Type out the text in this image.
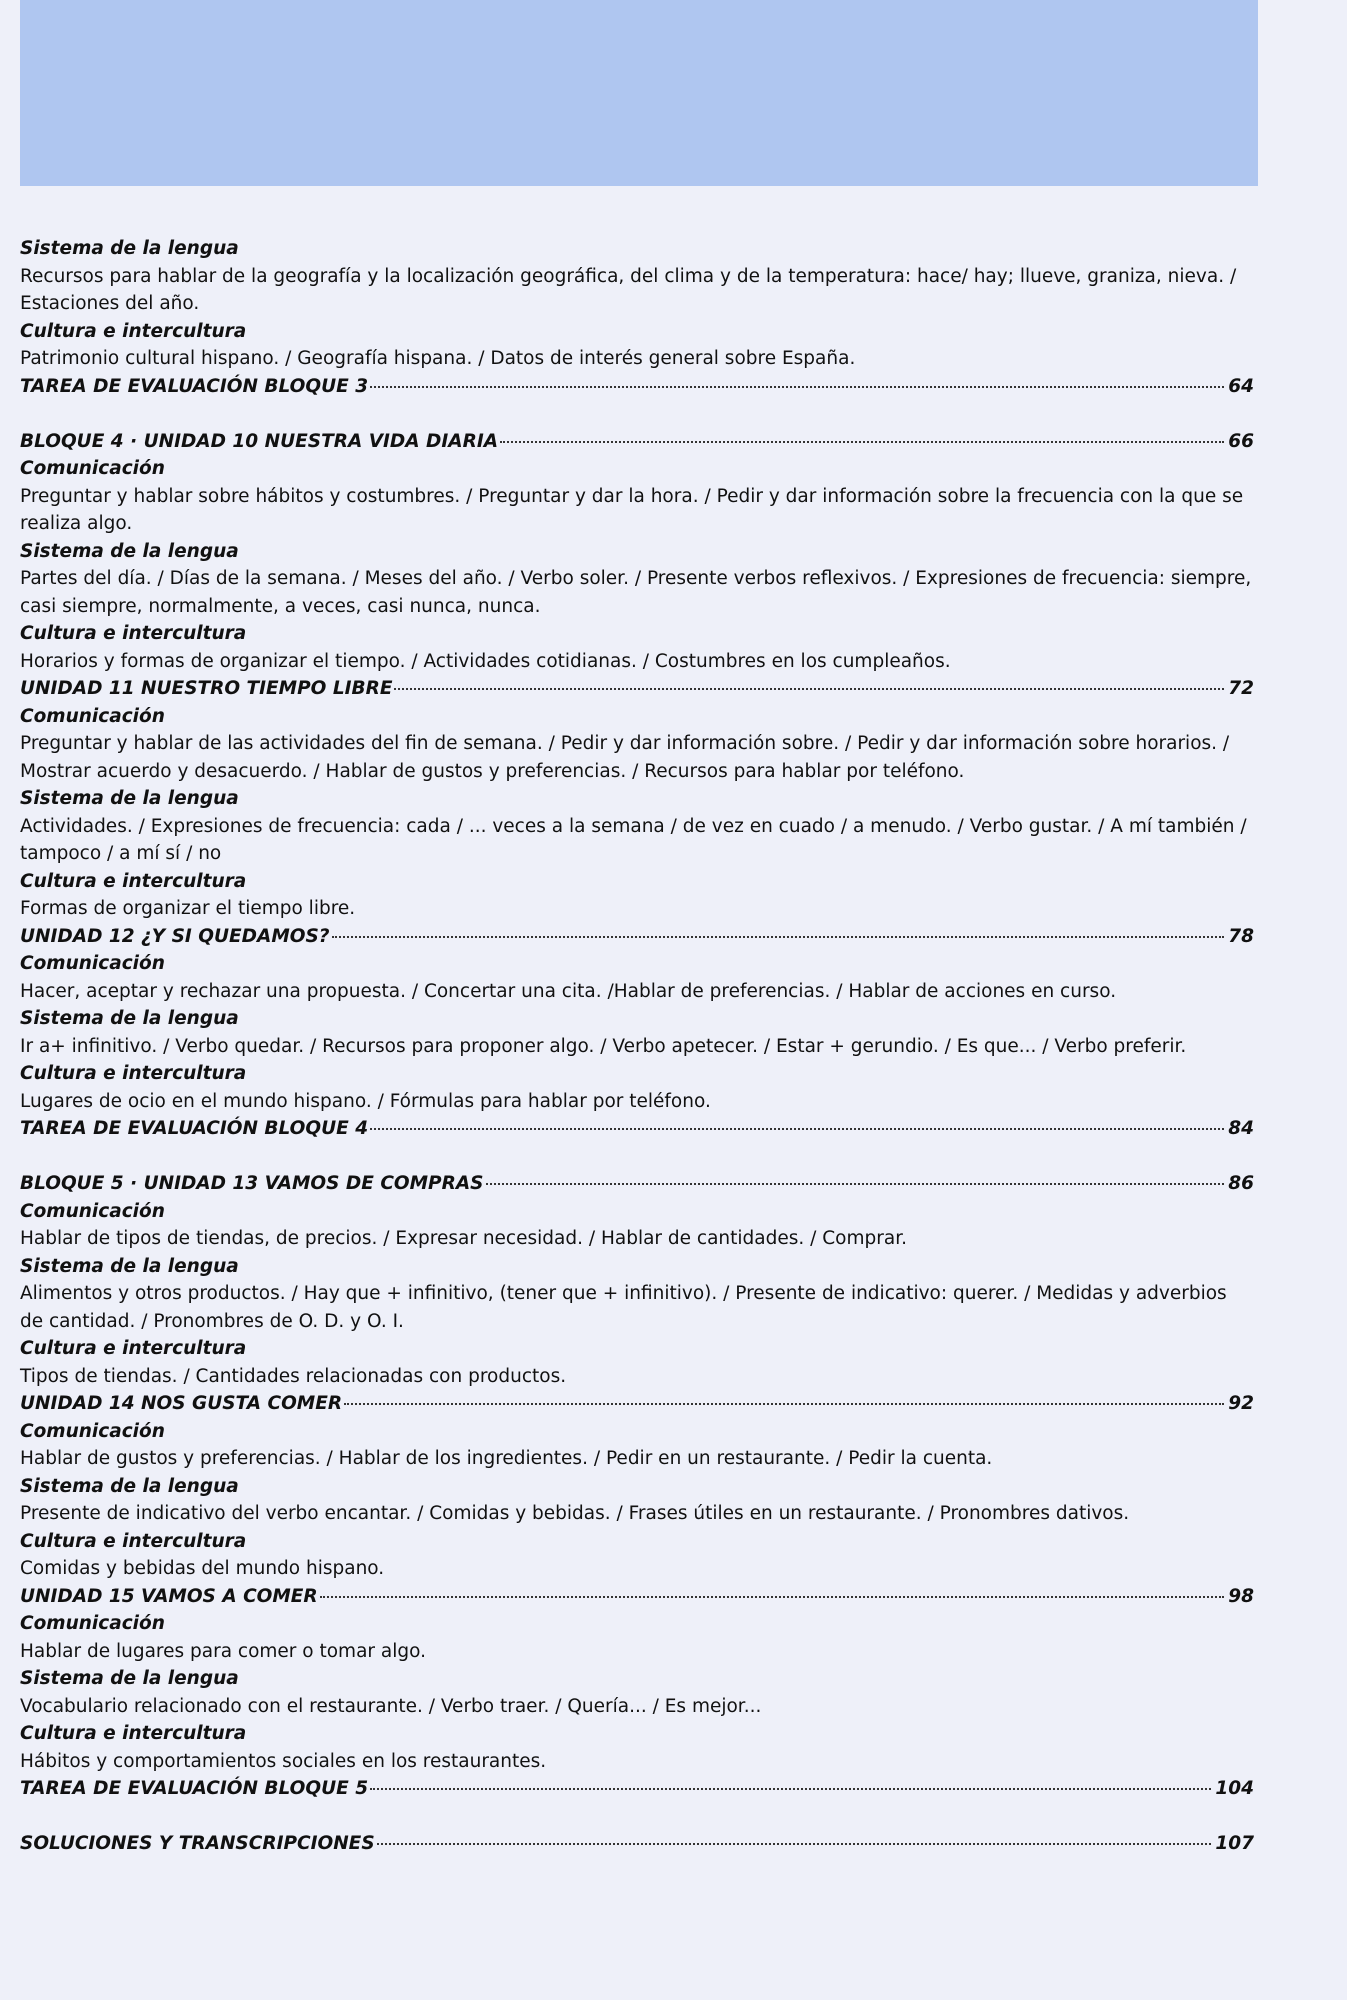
Sistema de la lengua
Recursos para hablar de la geografía y la localización geográfica, del clima y de la temperatura: hace/ hay; llueve, graniza, nieva. / Estaciones del año.
Cultura e intercultura
Patrimonio cultural hispano. / Geografía hispana. / Datos de interés general sobre España.
TAREA DE EVALUACIÓN BLOQUE 3	64
BLOQUE 4 · UNIDAD 10 NUESTRA VIDA DIARIA	66
Comunicación
Preguntar y hablar sobre hábitos y costumbres. / Preguntar y dar la hora. / Pedir y dar información sobre la frecuencia con la que se realiza algo.
Sistema de la lengua
Partes del día. / Días de la semana. / Meses del año. / Verbo soler. / Presente verbos reflexivos. / Expresiones de frecuencia: siempre, casi siempre, normalmente, a veces, casi nunca, nunca.
Cultura e intercultura
Horarios y formas de organizar el tiempo. / Actividades cotidianas. / Costumbres en los cumpleaños.
UNIDAD 11 NUESTRO TIEMPO LIBRE	72
Comunicación
Preguntar y hablar de las actividades del fin de semana. / Pedir y dar información sobre. / Pedir y dar información sobre horarios. / Mostrar acuerdo y desacuerdo. / Hablar de gustos y preferencias. / Recursos para hablar por teléfono.
Sistema de la lengua
Actividades. / Expresiones de frecuencia: cada / ... veces a la semana / de vez en cuado / a menudo. / Verbo gustar. / A mí también / tampoco / a mí sí / no
Cultura e intercultura
Formas de organizar el tiempo libre.
UNIDAD 12 ¿Y SI QUEDAMOS?	78
Comunicación
Hacer, aceptar y rechazar una propuesta. / Concertar una cita. /Hablar de preferencias. / Hablar de acciones en curso.
Sistema de la lengua
Ir a+ infinitivo. / Verbo quedar. / Recursos para proponer algo. / Verbo apetecer. / Estar + gerundio. / Es que... / Verbo preferir.
Cultura e intercultura
Lugares de ocio en el mundo hispano. / Fórmulas para hablar por teléfono.
TAREA DE EVALUACIÓN BLOQUE 4	84
BLOQUE 5 · UNIDAD 13 VAMOS DE COMPRAS	86
Comunicación
Hablar de tipos de tiendas, de precios. / Expresar necesidad. / Hablar de cantidades. / Comprar.
Sistema de la lengua
Alimentos y otros productos. / Hay que + infinitivo, (tener que + infinitivo). / Presente de indicativo: querer. / Medidas y adverbios de cantidad. / Pronombres de O. D. y O. I.
Cultura e intercultura
Tipos de tiendas. / Cantidades relacionadas con productos.
UNIDAD 14 NOS GUSTA COMER	92
Comunicación
Hablar de gustos y preferencias. / Hablar de los ingredientes. / Pedir en un restaurante. / Pedir la cuenta.
Sistema de la lengua
Presente de indicativo del verbo encantar. / Comidas y bebidas. / Frases útiles en un restaurante. / Pronombres dativos.
Cultura e intercultura
Comidas y bebidas del mundo hispano.
UNIDAD 15 VAMOS A COMER	98
Comunicación
Hablar de lugares para comer o tomar algo.
Sistema de la lengua
Vocabulario relacionado con el restaurante. / Verbo traer. / Quería... / Es mejor...
Cultura e intercultura
Hábitos y comportamientos sociales en los restaurantes.
TAREA DE EVALUACIÓN BLOQUE 5	104
SOLUCIONES Y TRANSCRIPCIONES	107
